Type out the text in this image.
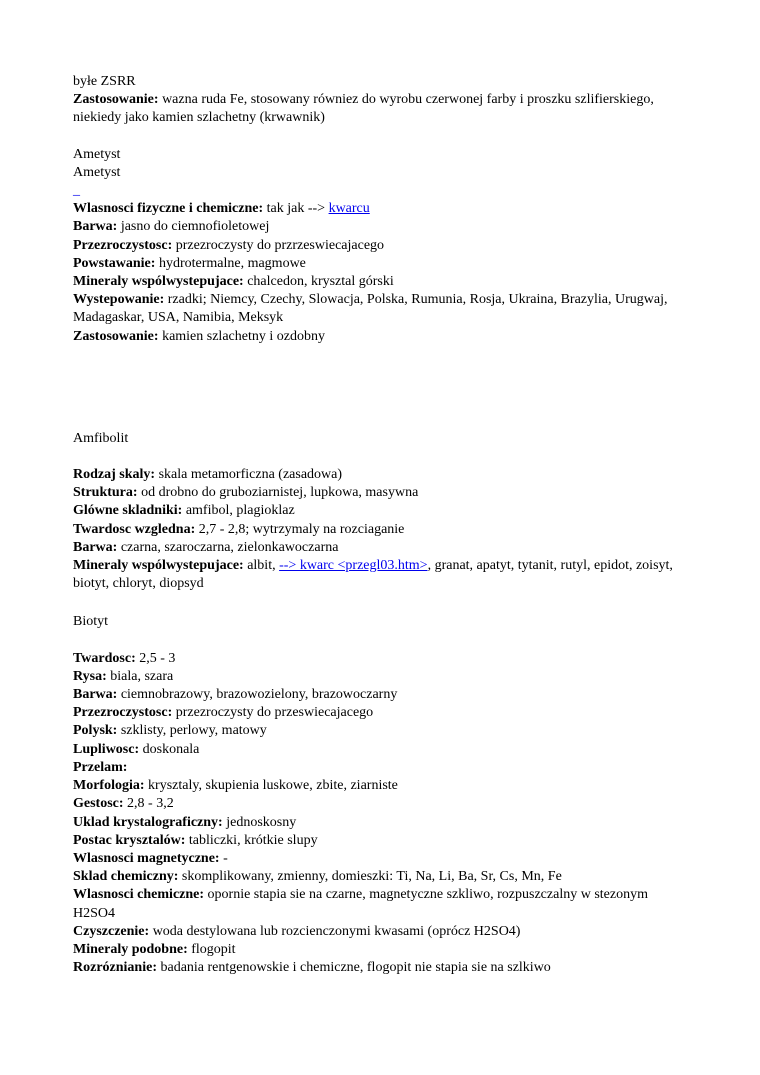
byłe ZSRR
Zastosowanie: wazna ruda Fe, stosowany równiez do wyrobu czerwonej farby i proszku szlifierskiego, niekiedy jako kamien szlachetny (krwawnik)
Ametyst
Ametyst
_
Wlasnosci fizyczne i chemiczne: tak jak --> kwarcu
Barwa: jasno do ciemnofioletowej
Przezroczystosc: przezroczysty do przrzeswiecajacego
Powstawanie: hydrotermalne, magmowe
Mineraly wspólwystepujace: chalcedon, krysztal górski
Wystepowanie: rzadki; Niemcy, Czechy, Slowacja, Polska, Rumunia, Rosja, Ukraina, Brazylia, Urugwaj, Madagaskar, USA, Namibia, Meksyk
Zastosowanie: kamien szlachetny i ozdobny
Amfibolit
Rodzaj skaly: skala metamorficzna (zasadowa)
Struktura: od drobno do gruboziarnistej, lupkowa, masywna
Glówne skladniki: amfibol, plagioklaz
Twardosc wzgledna: 2,7 - 2,8; wytrzymaly na rozciaganie
Barwa: czarna, szaroczarna, zielonkawoczarna
Mineraly wspólwystepujace: albit, --> kwarc <przegl03.htm>, granat, apatyt, tytanit, rutyl, epidot, zoisyt, biotyt, chloryt, diopsyd
Biotyt
Twardosc: 2,5 - 3
Rysa: biala, szara
Barwa: ciemnobrazowy, brazowozielony, brazowoczarny
Przezroczystosc: przezroczysty do przeswiecajacego
Polysk: szklisty, perlowy, matowy
Lupliwosc: doskonala
Przelam:
Morfologia: krysztaly, skupienia luskowe, zbite, ziarniste
Gestosc: 2,8 - 3,2
Uklad krystalograficzny: jednoskosny
Postac krysztalów: tabliczki, krótkie slupy
Wlasnosci magnetyczne: -
Sklad chemiczny: skomplikowany, zmienny, domieszki: Ti, Na, Li, Ba, Sr, Cs, Mn, Fe
Wlasnosci chemiczne: opornie stapia sie na czarne, magnetyczne szkliwo, rozpuszczalny w stezonym H2SO4
Czyszczenie: woda destylowana lub rozcienczonymi kwasami (oprócz H2SO4)
Mineraly podobne: flogopit
Rozróznianie: badania rentgenowskie i chemiczne, flogopit nie stapia sie na szlkiwo
